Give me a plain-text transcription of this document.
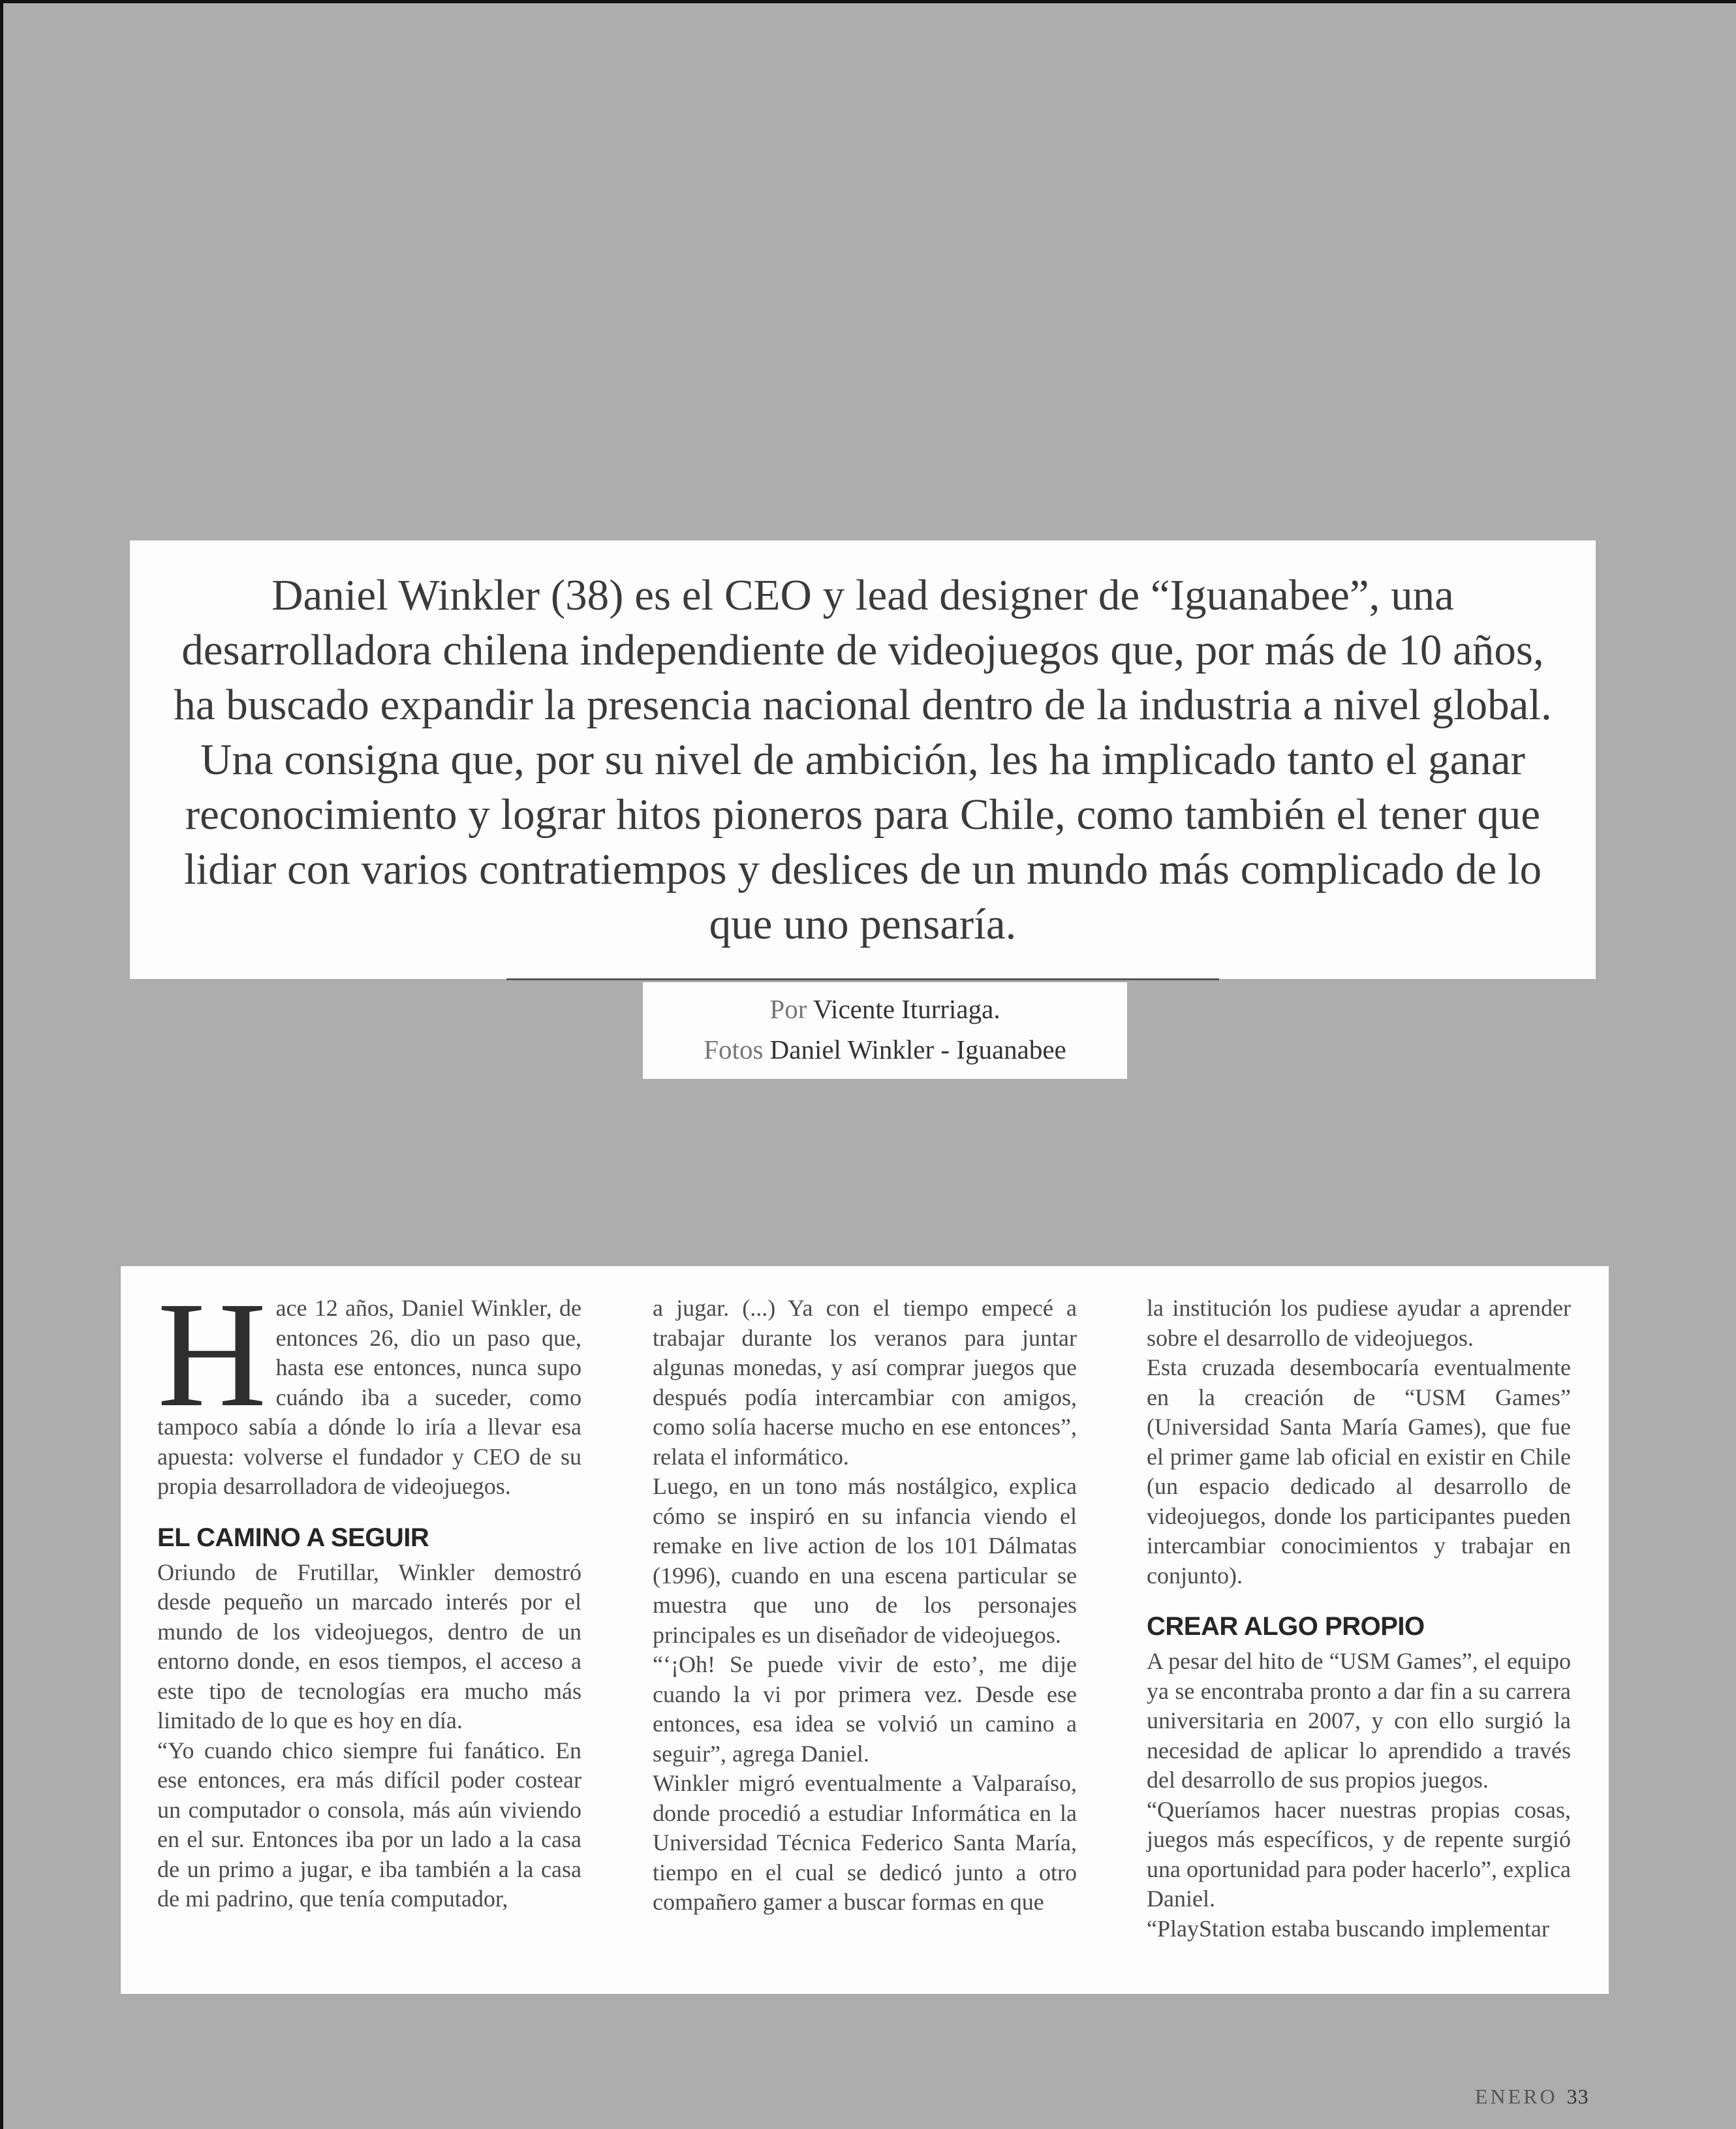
Daniel Winkler (38) es el CEO y lead designer de “Iguanabee”, una desarrolladora chilena independiente de videojuegos que, por más de 10 años, ha buscado expandir la presencia nacional dentro de la industria a nivel global. Una consigna que, por su nivel de ambición, les ha implicado tanto el ganar reconocimiento y lograr hitos pioneros para Chile, como también el tener que lidiar con varios contratiempos y deslices de un mundo más complicado de lo que uno pensaría.

Por Vicente Iturriaga.
Fotos Daniel Winkler - Iguanabee
H ace 12 años, Daniel Winkler, de entonces 26, dio un paso que, hasta ese entonces, nunca supo cuándo iba a suceder, como tampoco sabía a dónde lo iría a llevar esa apuesta: volverse el fundador y CEO de su propia desarrolladora de videojuegos.

EL CAMINO A SEGUIR

Oriundo de Frutillar, Winkler demostró desde pequeño un marcado interés por el mundo de los videojuegos, dentro de un entorno donde, en esos tiempos, el acceso a este tipo de tecnologías era mucho más limitado de lo que es hoy en día.

“Yo cuando chico siempre fui fanático. En ese entonces, era más difícil poder costear un computador o consola, más aún viviendo en el sur. Entonces iba por un lado a la casa de un primo a jugar, e iba también a la casa de mi padrino, que tenía computador,

a jugar. (...) Ya con el tiempo empecé a trabajar durante los veranos para juntar algunas monedas, y así comprar juegos que después podía intercambiar con amigos, como solía hacerse mucho en ese entonces”, relata el informático.

Luego, en un tono más nostálgico, explica cómo se inspiró en su infancia viendo el remake en live action de los 101 Dálmatas (1996), cuando en una escena particular se muestra que uno de los personajes principales es un diseñador de videojuegos.

“‘¡Oh! Se puede vivir de esto’, me dije cuando la vi por primera vez. Desde ese entonces, esa idea se volvió un camino a seguir”, agrega Daniel.

Winkler migró eventualmente a Valparaíso, donde procedió a estudiar Informática en la Universidad Técnica Federico Santa María, tiempo en el cual se dedicó junto a otro compañero gamer a buscar formas en que

la institución los pudiese ayudar a aprender sobre el desarrollo de videojuegos.

Esta cruzada desembocaría eventualmente en la creación de “USM Games” (Universidad Santa María Games), que fue el primer game lab oficial en existir en Chile (un espacio dedicado al desarrollo de videojuegos, donde los participantes pueden intercambiar conocimientos y trabajar en conjunto).

CREAR ALGO PROPIO

A pesar del hito de “USM Games”, el equipo ya se encontraba pronto a dar fin a su carrera universitaria en 2007, y con ello surgió la necesidad de aplicar lo aprendido a través del desarrollo de sus propios juegos.

“Queríamos hacer nuestras propias cosas, juegos más específicos, y de repente surgió una oportunidad para poder hacerlo”, explica Daniel.

“PlayStation estaba buscando implementar

ENERO 33
